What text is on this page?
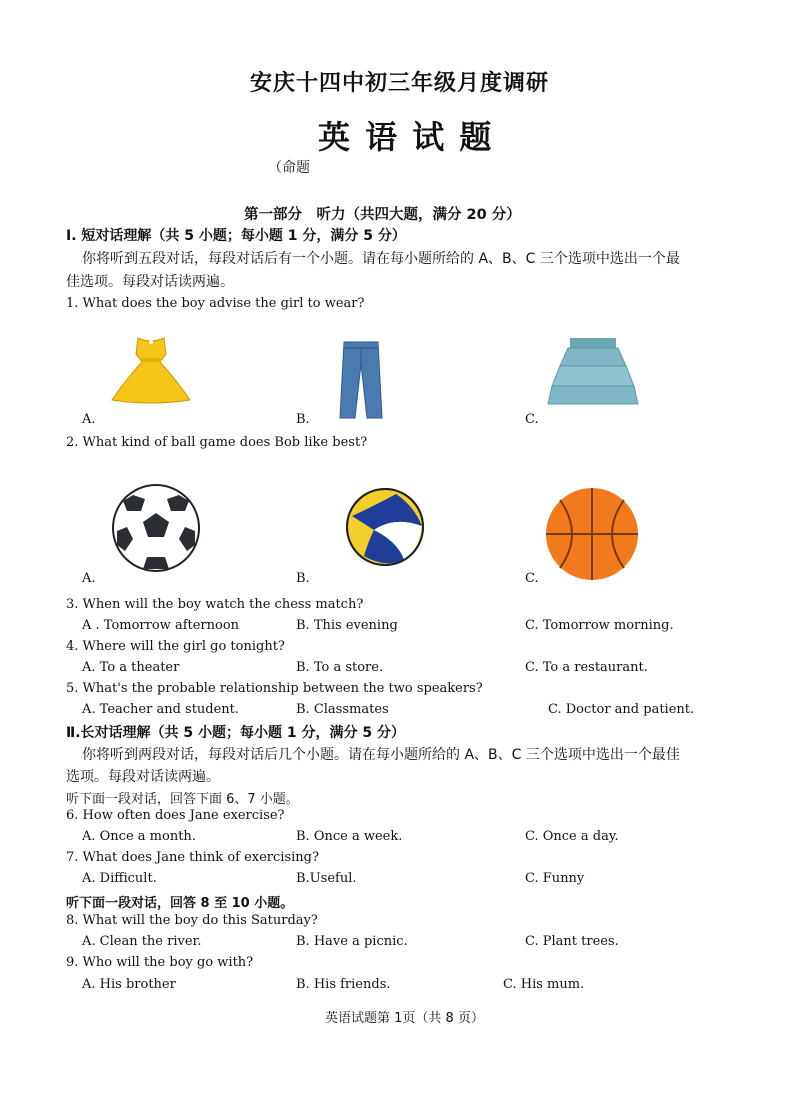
安庆十四中初三年级月度调研
英 语 试 题
（命题
第一部分　听力（共四大题，满分 20 分）
I. 短对话理解（共 5 小题；每小题 1 分，满分 5 分）
你将听到五段对话，每段对话后有一个小题。请在每小题所给的 A、B、C 三个选项中选出一个最
佳选项。每段对话读两遍。
1. What does the boy advise the girl to wear?
A.	B.	C.
2. What kind of ball game does Bob like best?
A.	B.	C.
3. When will the boy watch the chess match?
A . Tomorrow afternoon	B. This evening	C. Tomorrow morning.
4. Where will the girl go tonight?
A. To a theater	B. To a store.	C. To a restaurant.
5. What's the probable relationship between the two speakers?
A. Teacher and student.	B. Classmates	C. Doctor and patient.
Ⅱ.长对话理解（共 5 小题；每小题 1 分，满分 5 分）
你将听到两段对话，每段对话后几个小题。请在每小题所给的 A、B、C 三个选项中选出一个最佳
选项。每段对话读两遍。
听下面一段对话，回答下面 6、7 小题。
6. How often does Jane exercise?
A. Once a month.	B. Once a week.	C. Once a day.
7. What does Jane think of exercising?
A. Difficult.	B.Useful.	C. Funny
听下面一段对话，回答 8 至 10 小题。
8. What will the boy do this Saturday?
A. Clean the river.	B. Have a picnic.	C. Plant trees.
9. Who will the boy go with?
A. His brother	B. His friends.	C. His mum.
英语试题第 1页（共 8 页）
